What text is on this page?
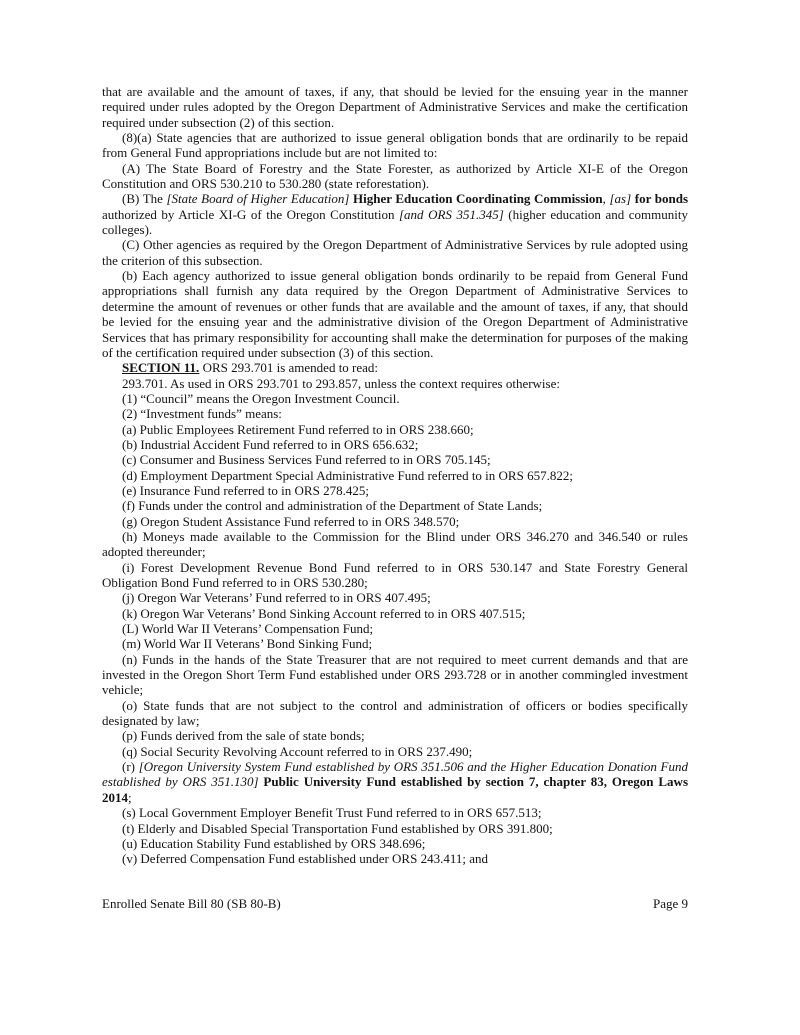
that are available and the amount of taxes, if any, that should be levied for the ensuing year in the manner required under rules adopted by the Oregon Department of Administrative Services and make the certification required under subsection (2) of this section.
(8)(a) State agencies that are authorized to issue general obligation bonds that are ordinarily to be repaid from General Fund appropriations include but are not limited to:
(A) The State Board of Forestry and the State Forester, as authorized by Article XI-E of the Oregon Constitution and ORS 530.210 to 530.280 (state reforestation).
(B) The [State Board of Higher Education] Higher Education Coordinating Commission, [as] for bonds authorized by Article XI-G of the Oregon Constitution [and ORS 351.345] (higher education and community colleges).
(C) Other agencies as required by the Oregon Department of Administrative Services by rule adopted using the criterion of this subsection.
(b) Each agency authorized to issue general obligation bonds ordinarily to be repaid from General Fund appropriations shall furnish any data required by the Oregon Department of Administrative Services to determine the amount of revenues or other funds that are available and the amount of taxes, if any, that should be levied for the ensuing year and the administrative division of the Oregon Department of Administrative Services that has primary responsibility for accounting shall make the determination for purposes of the making of the certification required under subsection (3) of this section.
SECTION 11. ORS 293.701 is amended to read:
293.701. As used in ORS 293.701 to 293.857, unless the context requires otherwise:
(1) “Council” means the Oregon Investment Council.
(2) “Investment funds” means:
(a) Public Employees Retirement Fund referred to in ORS 238.660;
(b) Industrial Accident Fund referred to in ORS 656.632;
(c) Consumer and Business Services Fund referred to in ORS 705.145;
(d) Employment Department Special Administrative Fund referred to in ORS 657.822;
(e) Insurance Fund referred to in ORS 278.425;
(f) Funds under the control and administration of the Department of State Lands;
(g) Oregon Student Assistance Fund referred to in ORS 348.570;
(h) Moneys made available to the Commission for the Blind under ORS 346.270 and 346.540 or rules adopted thereunder;
(i) Forest Development Revenue Bond Fund referred to in ORS 530.147 and State Forestry General Obligation Bond Fund referred to in ORS 530.280;
(j) Oregon War Veterans’ Fund referred to in ORS 407.495;
(k) Oregon War Veterans’ Bond Sinking Account referred to in ORS 407.515;
(L) World War II Veterans’ Compensation Fund;
(m) World War II Veterans’ Bond Sinking Fund;
(n) Funds in the hands of the State Treasurer that are not required to meet current demands and that are invested in the Oregon Short Term Fund established under ORS 293.728 or in another commingled investment vehicle;
(o) State funds that are not subject to the control and administration of officers or bodies specifically designated by law;
(p) Funds derived from the sale of state bonds;
(q) Social Security Revolving Account referred to in ORS 237.490;
(r) [Oregon University System Fund established by ORS 351.506 and the Higher Education Donation Fund established by ORS 351.130] Public University Fund established by section 7, chapter 83, Oregon Laws 2014;
(s) Local Government Employer Benefit Trust Fund referred to in ORS 657.513;
(t) Elderly and Disabled Special Transportation Fund established by ORS 391.800;
(u) Education Stability Fund established by ORS 348.696;
(v) Deferred Compensation Fund established under ORS 243.411; and
Enrolled Senate Bill 80 (SB 80-B)	Page 9
